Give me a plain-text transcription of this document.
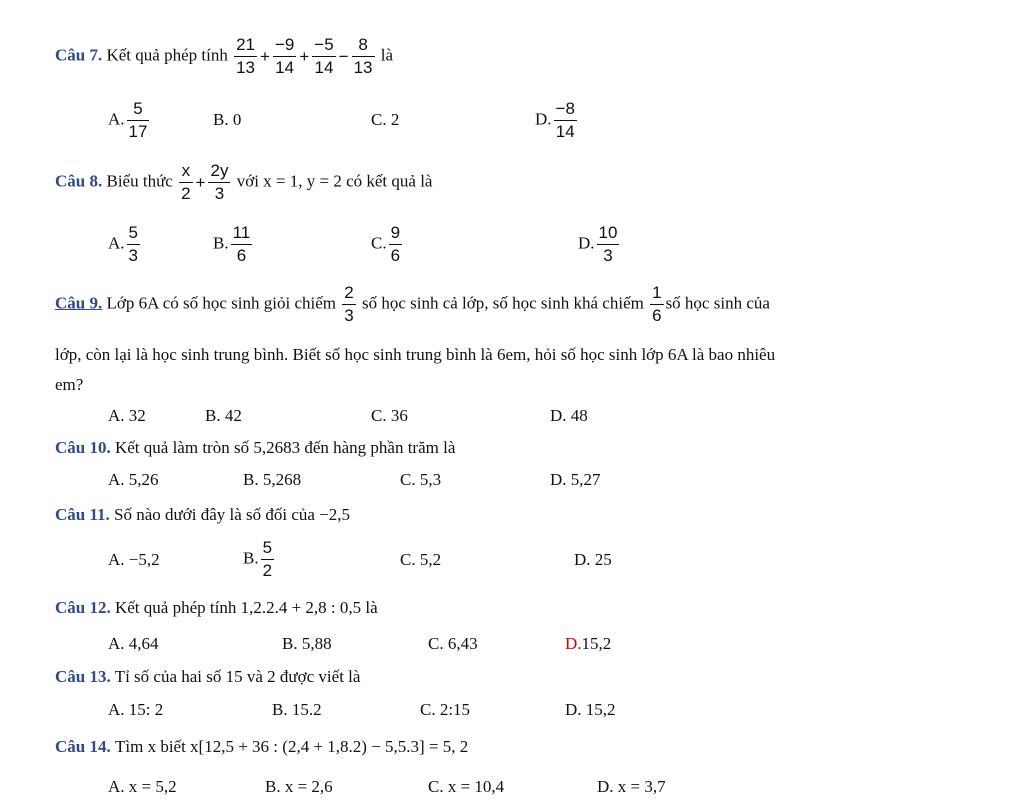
Câu 7. Kết quả phép tính $\frac{21}{13} + \frac{-9}{14} + \frac{-5}{14} - \frac{8}{13}$ là
A. $\frac{5}{17}$	B. 0	C. 2	D. $\frac{-8}{14}$
Câu 8. Biểu thức $\frac{x}{2} + \frac{2y}{3}$ với x = 1, y = 2 có kết quả là
A. $\frac{5}{3}$	B. $\frac{11}{6}$	C. $\frac{9}{6}$	D. $\frac{10}{3}$
Câu 9. Lớp 6A có số học sinh giỏi chiếm $\frac{2}{3}$ số học sinh cả lớp, số học sinh khá chiếm $\frac{1}{6}$ số học sinh của
lớp, còn lại là học sinh trung bình. Biết số học sinh trung bình là 6em, hỏi số học sinh lớp 6A là bao nhiêu
em?
A. 32	B. 42	C. 36	D. 48
Câu 10. Kết quả làm tròn số 5,2683 đến hàng phần trăm là
A. 5,26	B. 5,268	C. 5,3	D. 5,27
Câu 11. Số nào dưới đây là số đối của −2,5
A. −5,2	B. $\frac{5}{2}$	C. 5,2	D. 25
Câu 12. Kết quả phép tính 1,2.2.4 + 2,8 : 0,5 là
A. 4,64	B. 5,88	C. 6,43	D.15,2
Câu 13. Tỉ số của hai số 15 và 2 được viết là
A. 15: 2	B. 15.2	C. 2:15	D. 15,2
Câu 14. Tìm x biết x[12,5 + 36 : (2,4 + 1,8.2) − 5,5.3] = 5, 2
A. x = 5,2	B. x = 2,6	C. x = 10,4	D. x = 3,7
